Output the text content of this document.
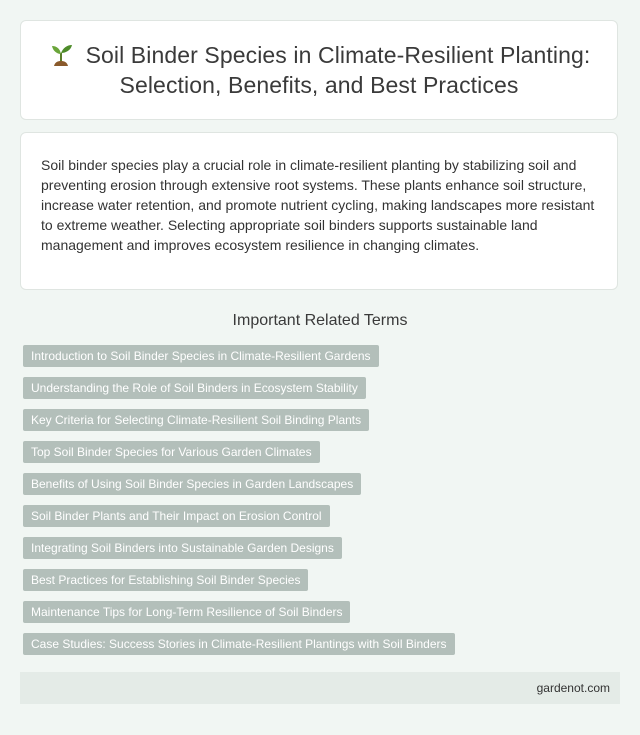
Soil Binder Species in Climate-Resilient Planting: Selection, Benefits, and Best Practices

Soil binder species play a crucial role in climate-resilient planting by stabilizing soil and preventing erosion through extensive root systems. These plants enhance soil structure, increase water retention, and promote nutrient cycling, making landscapes more resistant to extreme weather. Selecting appropriate soil binders supports sustainable land management and improves ecosystem resilience in changing climates.

Important Related Terms
Introduction to Soil Binder Species in Climate-Resilient Gardens
Understanding the Role of Soil Binders in Ecosystem Stability
Key Criteria for Selecting Climate-Resilient Soil Binding Plants
Top Soil Binder Species for Various Garden Climates
Benefits of Using Soil Binder Species in Garden Landscapes
Soil Binder Plants and Their Impact on Erosion Control
Integrating Soil Binders into Sustainable Garden Designs
Best Practices for Establishing Soil Binder Species
Maintenance Tips for Long-Term Resilience of Soil Binders
Case Studies: Success Stories in Climate-Resilient Plantings with Soil Binders
gardenot.com
